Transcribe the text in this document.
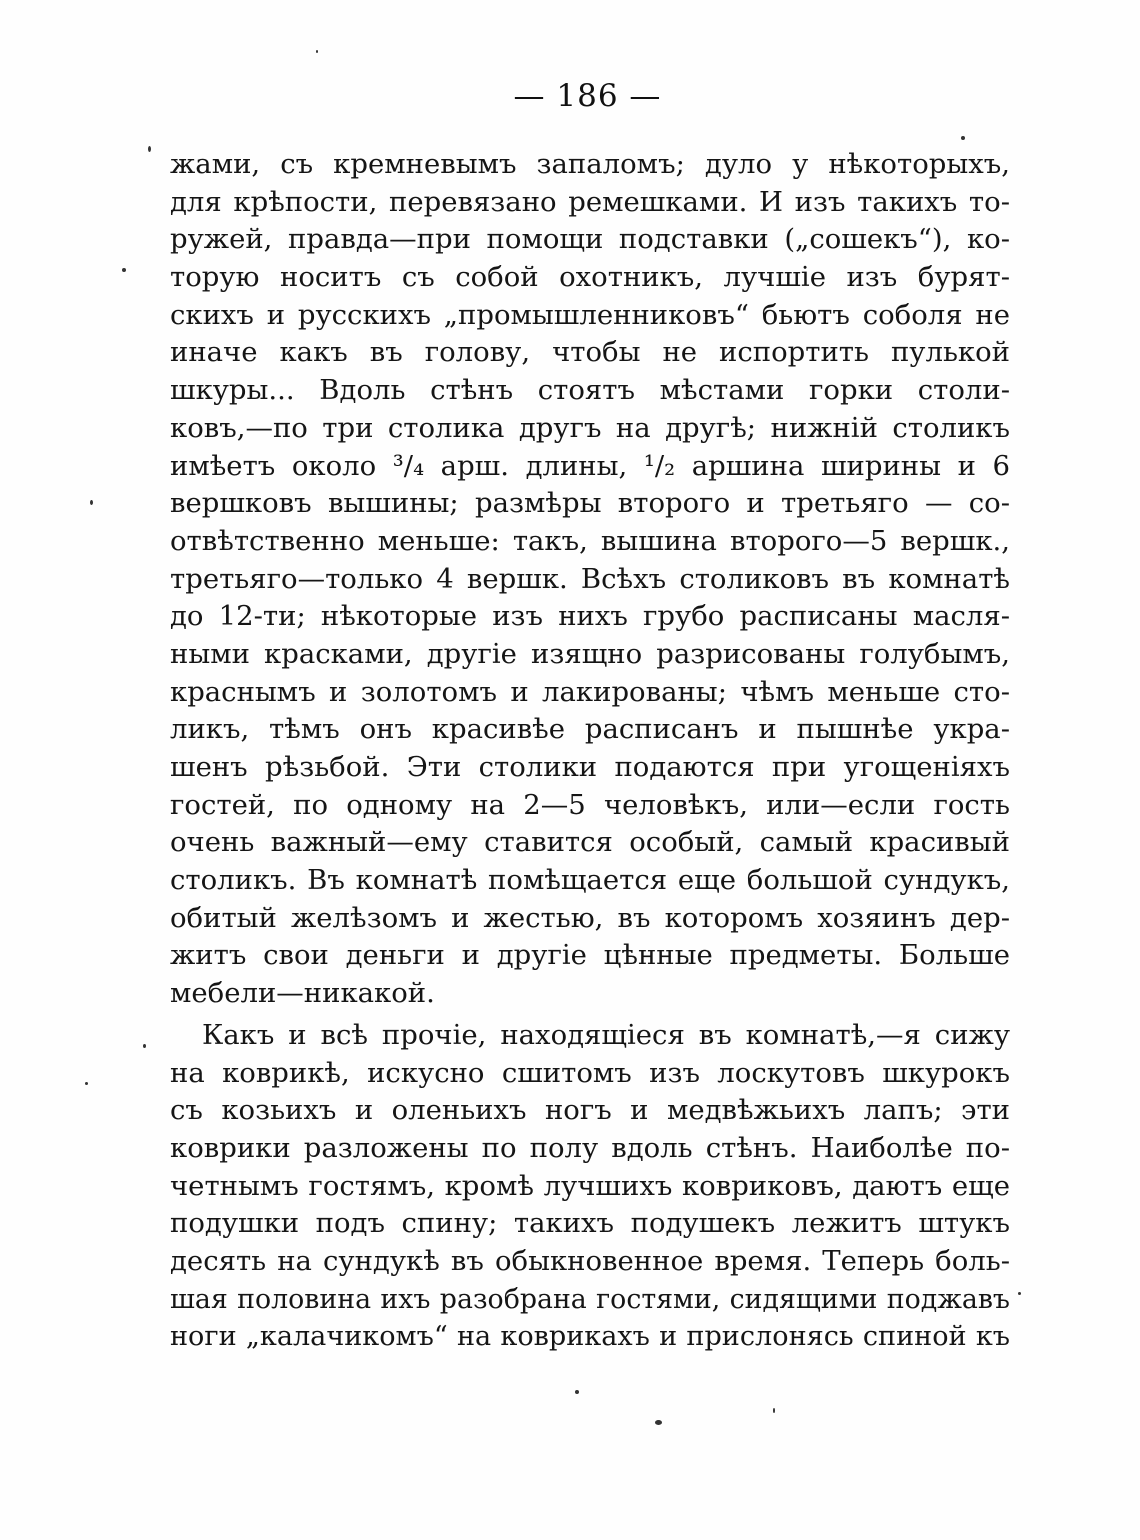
— 186 —
жами, съ кремневымъ запаломъ; дуло у нѣкоторыхъ,
для крѣпости, перевязано ремешками. И изъ такихъ то-
ружей, правда—при помощи подставки („сошекъ“), ко-
торую носитъ съ собой охотникъ, лучшіе изъ бурят-
скихъ и русскихъ „промышленниковъ“ бьютъ соболя не
иначе какъ въ голову, чтобы не испортить пулькой
шкуры... Вдоль стѣнъ стоятъ мѣстами горки столи-
ковъ,—по три столика другъ на другѣ; нижній столикъ
имѣетъ около ³/₄ арш. длины, ¹/₂ аршина ширины и 6
вершковъ вышины; размѣры второго и третьяго — со-
отвѣтственно меньше: такъ, вышина второго—5 вершк.,
третьяго—только 4 вершк. Всѣхъ столиковъ въ комнатѣ
до 12-ти; нѣкоторые изъ нихъ грубо расписаны масля-
ными красками, другіе изящно разрисованы голубымъ,
краснымъ и золотомъ и лакированы; чѣмъ меньше сто-
ликъ, тѣмъ онъ красивѣе расписанъ и пышнѣе укра-
шенъ рѣзьбой. Эти столики подаются при угощеніяхъ
гостей, по одному на 2—5 человѣкъ, или—если гость
очень важный—ему ставится особый, самый красивый
столикъ. Въ комнатѣ помѣщается еще большой сундукъ,
обитый желѣзомъ и жестью, въ которомъ хозяинъ дер-
житъ свои деньги и другіе цѣнные предметы. Больше
мебели—никакой.
Какъ и всѣ прочіе, находящіеся въ комнатѣ,—я сижу
на коврикѣ, искусно сшитомъ изъ лоскутовъ шкурокъ
съ козьихъ и оленьихъ ногъ и медвѣжьихъ лапъ; эти
коврики разложены по полу вдоль стѣнъ. Наиболѣе по-
четнымъ гостямъ, кромѣ лучшихъ ковриковъ, даютъ еще
подушки подъ спину; такихъ подушекъ лежитъ штукъ
десять на сундукѣ въ обыкновенное время. Теперь боль-
шая половина ихъ разобрана гостями, сидящими поджавъ
ноги „калачикомъ“ на коврикахъ и прислонясь спиной къ
